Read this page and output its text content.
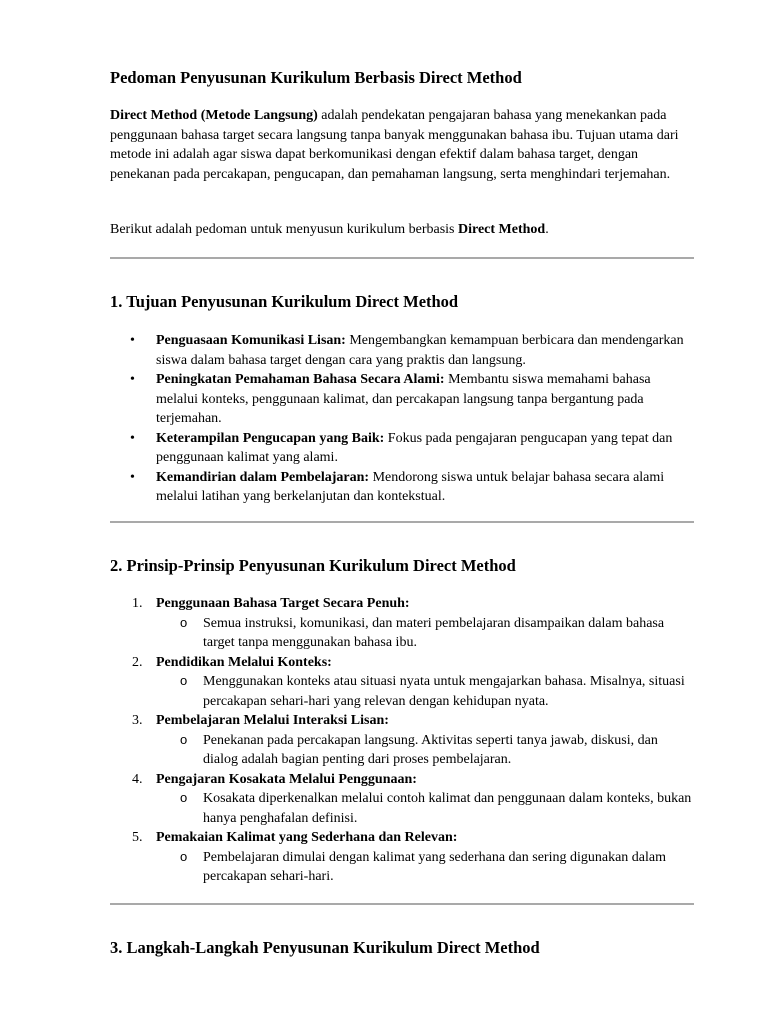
Pedoman Penyusunan Kurikulum Berbasis Direct Method

Direct Method (Metode Langsung) adalah pendekatan pengajaran bahasa yang menekankan pada penggunaan bahasa target secara langsung tanpa banyak menggunakan bahasa ibu. Tujuan utama dari metode ini adalah agar siswa dapat berkomunikasi dengan efektif dalam bahasa target, dengan penekanan pada percakapan, pengucapan, dan pemahaman langsung, serta menghindari terjemahan.

Berikut adalah pedoman untuk menyusun kurikulum berbasis Direct Method.

1. Tujuan Penyusunan Kurikulum Direct Method
• Penguasaan Komunikasi Lisan: Mengembangkan kemampuan berbicara dan mendengarkan siswa dalam bahasa target dengan cara yang praktis dan langsung.
• Peningkatan Pemahaman Bahasa Secara Alami: Membantu siswa memahami bahasa melalui konteks, penggunaan kalimat, dan percakapan langsung tanpa bergantung pada terjemahan.
• Keterampilan Pengucapan yang Baik: Fokus pada pengajaran pengucapan yang tepat dan penggunaan kalimat yang alami.
• Kemandirian dalam Pembelajaran: Mendorong siswa untuk belajar bahasa secara alami melalui latihan yang berkelanjutan dan kontekstual.
2. Prinsip-Prinsip Penyusunan Kurikulum Direct Method
1. Penggunaan Bahasa Target Secara Penuh:
o Semua instruksi, komunikasi, dan materi pembelajaran disampaikan dalam bahasa target tanpa menggunakan bahasa ibu.
2. Pendidikan Melalui Konteks:
o Menggunakan konteks atau situasi nyata untuk mengajarkan bahasa. Misalnya, situasi percakapan sehari-hari yang relevan dengan kehidupan nyata.
3. Pembelajaran Melalui Interaksi Lisan:
o Penekanan pada percakapan langsung. Aktivitas seperti tanya jawab, diskusi, dan dialog adalah bagian penting dari proses pembelajaran.
4. Pengajaran Kosakata Melalui Penggunaan:
o Kosakata diperkenalkan melalui contoh kalimat dan penggunaan dalam konteks, bukan hanya penghafalan definisi.
5. Pemakaian Kalimat yang Sederhana dan Relevan:
o Pembelajaran dimulai dengan kalimat yang sederhana dan sering digunakan dalam percakapan sehari-hari.
3. Langkah-Langkah Penyusunan Kurikulum Direct Method
